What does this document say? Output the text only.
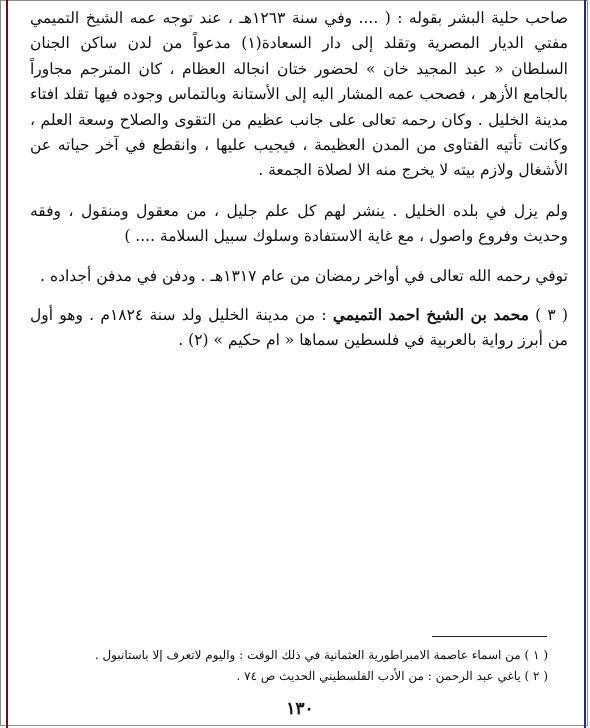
صاحب حلية البشر بقوله : ( .... وفي سنة ١٢٦٣هـ ، عند توجه عمه الشيخ التميمي مفتي الديار المصرية وتقلد إلى دار السعادة(١) مدعواً من لدن ساكن الجنان السلطان « عبد المجيد خان » لحضور ختان انجاله العظام ، كان المترجم مجاوراً بالجامع الأزهر ، فصحب عمه المشار اليه إلى الأستانة وبالتماس وجوده فيها تقلد افتاء مدينة الخليل . وكان رحمه تعالى على جانب عظيم من التقوى والصلاح وسعة العلم ، وكانت تأتيه الفتاوى من المدن العظيمة ، فيجيب عليها ، وانقطع في آخر حياته عن الأشغال ولازم بيته لا يخرج منه الا لصلاة الجمعة .

ولم يزل في بلده الخليل . ينشر لهم كل علم جليل ، من معقول ومنقول ، وفقه وحديث وفروع واصول ، مع غاية الاستفادة وسلوك سبيل السلامة .... )

توفي رحمه الله تعالى في أواخر رمضان من عام ١٣١٧هـ . ودفن في مدفن أجداده .

( ٣ ) محمد بن الشيخ احمد التميمي : من مدينة الخليل ولد سنة ١٨٢٤م . وهو أول من أبرز رواية بالعربية في فلسطين سماها « ام حكيم » (٢) .

( ١ ) من اسماء عاصمة الامبراطورية العثمانية في ذلك الوقت : واليوم لاتعرف إلا باستانبول .

( ٢ ) ياغي عبد الرحمن : من الأدب الفلسطيني الحديث ص ٧٤ .

١٣٠
